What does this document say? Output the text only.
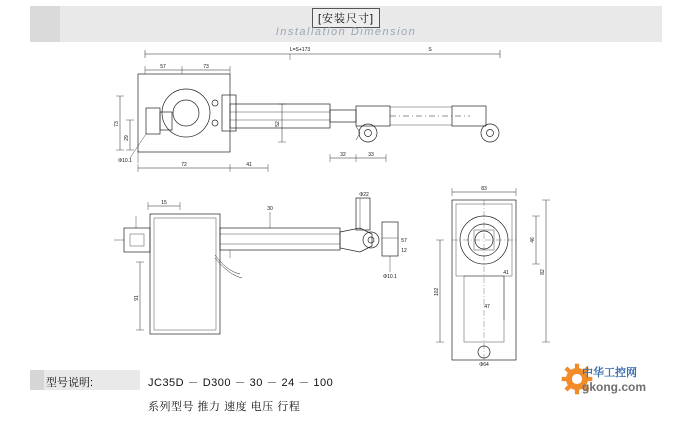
[安装尺寸]
Installation Dimension
L=S+173	S
57	73
72	41
32	33
52
73
29
Φ10.1
15
30
Φ22
Φ10.1
57
12
91
83
46
41
47
102
82
Φ64
型号说明:	JC35D － D300 － 30 － 24 － 100
系列型号 推力 速度 电压 行程
中华工控网
gkong.com
